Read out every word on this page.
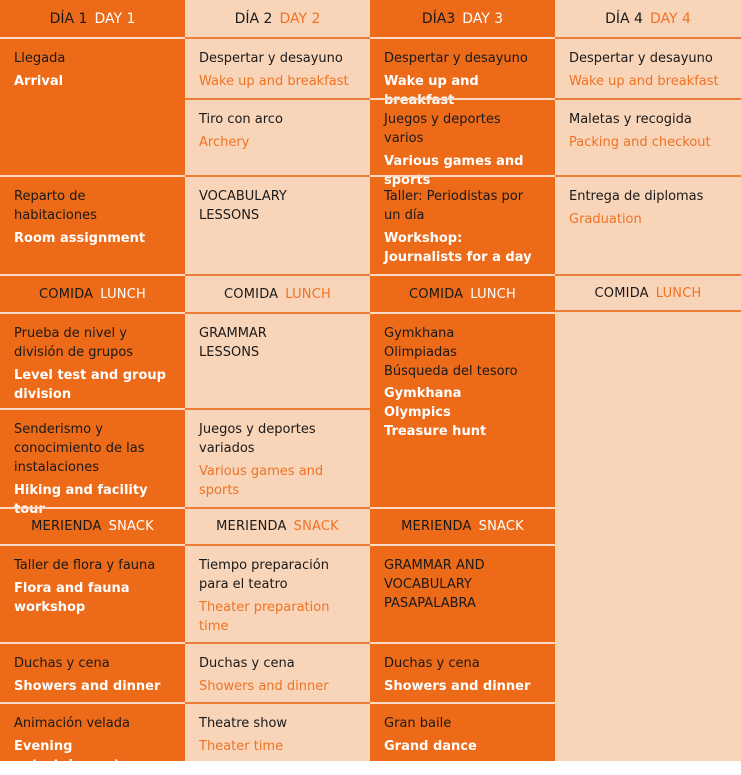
DÍA 1 DAY 1
Llegada
Arrival
Reparto de habitaciones
Room assignment
COMIDA LUNCH
Prueba de nivel y división de grupos
Level test and group division
Senderismo y conocimiento de las instalaciones
Hiking and facility tour
MERIENDA SNACK
Taller de flora y fauna
Flora and fauna workshop
Duchas y cena
Showers and dinner
Animación velada
Evening entertainment
DÍA 2 DAY 2
Despertar y desayuno
Wake up and breakfast
Tiro con arco
Archery
VOCABULARY LESSONS
COMIDA LUNCH
GRAMMAR LESSONS
Juegos y deportes variados
Various games and sports
MERIENDA SNACK
Tiempo preparación para el teatro
Theater preparation time
Duchas y cena
Showers and dinner
Theatre show
Theater time
DÍA3 DAY 3
Despertar y desayuno
Wake up and breakfast
Juegos y deportes varios
Various games and sports
Taller: Periodistas por un día
Workshop: Journalists for a day
COMIDA LUNCH
Gymkhana
Olimpiadas
Búsqueda del tesoro
Gymkhana
Olympics
Treasure hunt
MERIENDA SNACK
GRAMMAR AND VOCABULARY PASAPALABRA
Duchas y cena
Showers and dinner
Gran baile
Grand dance
DÍA 4 DAY 4
Despertar y desayuno
Wake up and breakfast
Maletas y recogida
Packing and checkout
Entrega de diplomas
Graduation
COMIDA LUNCH
